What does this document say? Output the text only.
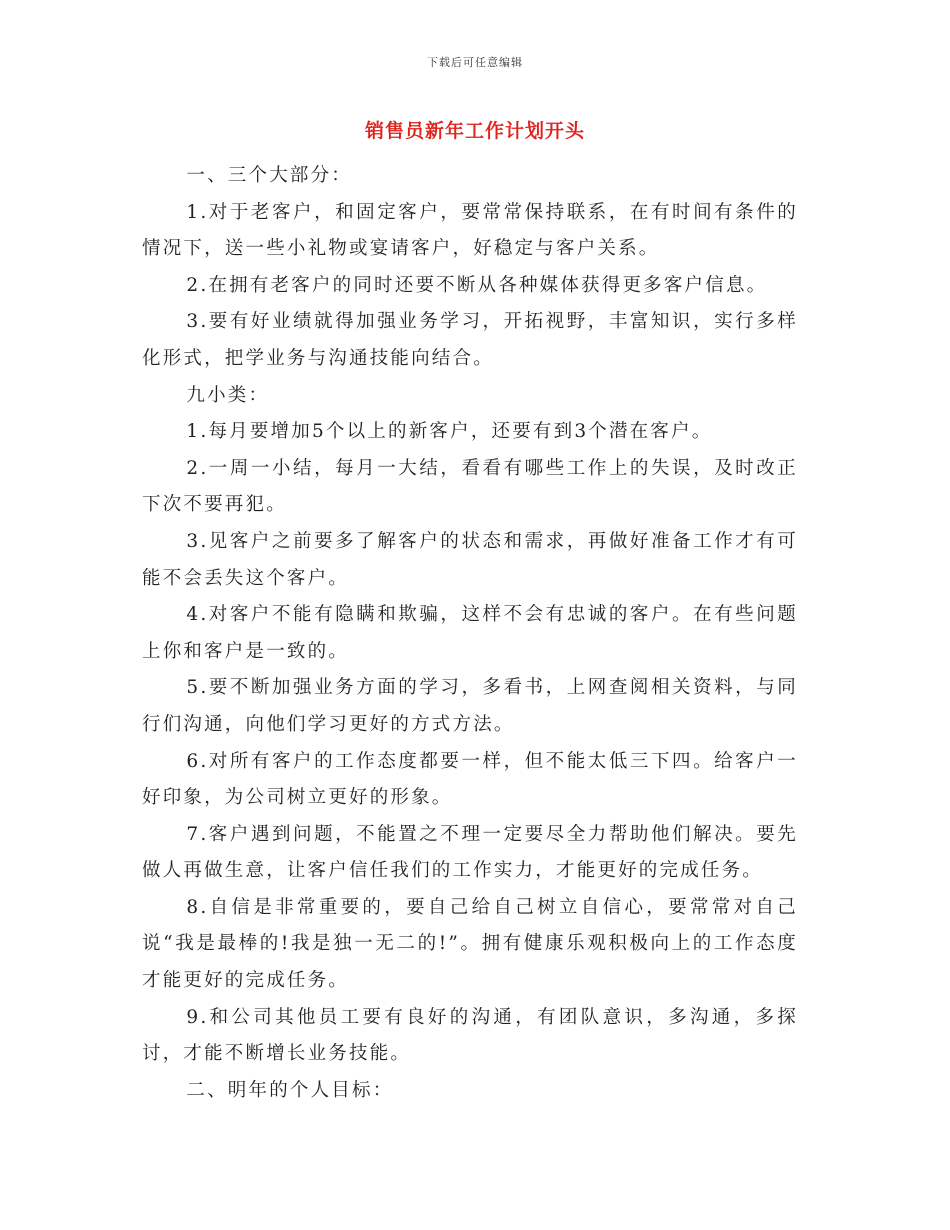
下载后可任意编辑
销售员新年工作计划开头

一、三个大部分：

1.对于老客户，和固定客户，要常常保持联系，在有时间有条件的情况下，送一些小礼物或宴请客户，好稳定与客户关系。

2.在拥有老客户的同时还要不断从各种媒体获得更多客户信息。

3.要有好业绩就得加强业务学习，开拓视野，丰富知识，实行多样化形式，把学业务与沟通技能向结合。

九小类：

1.每月要增加5个以上的新客户，还要有到3个潜在客户。

2.一周一小结，每月一大结，看看有哪些工作上的失误，及时改正下次不要再犯。

3.见客户之前要多了解客户的状态和需求，再做好准备工作才有可能不会丢失这个客户。

4.对客户不能有隐瞒和欺骗，这样不会有忠诚的客户。在有些问题上你和客户是一致的。

5.要不断加强业务方面的学习，多看书，上网查阅相关资料，与同行们沟通，向他们学习更好的方式方法。

6.对所有客户的工作态度都要一样，但不能太低三下四。给客户一好印象，为公司树立更好的形象。

7.客户遇到问题，不能置之不理一定要尽全力帮助他们解决。要先做人再做生意，让客户信任我们的工作实力，才能更好的完成任务。

8.自信是非常重要的，要自己给自己树立自信心，要常常对自己说“我是最棒的!我是独一无二的!”。拥有健康乐观积极向上的工作态度才能更好的完成任务。

9.和公司其他员工要有良好的沟通，有团队意识，多沟通，多探讨，才能不断增长业务技能。

二、明年的个人目标：
